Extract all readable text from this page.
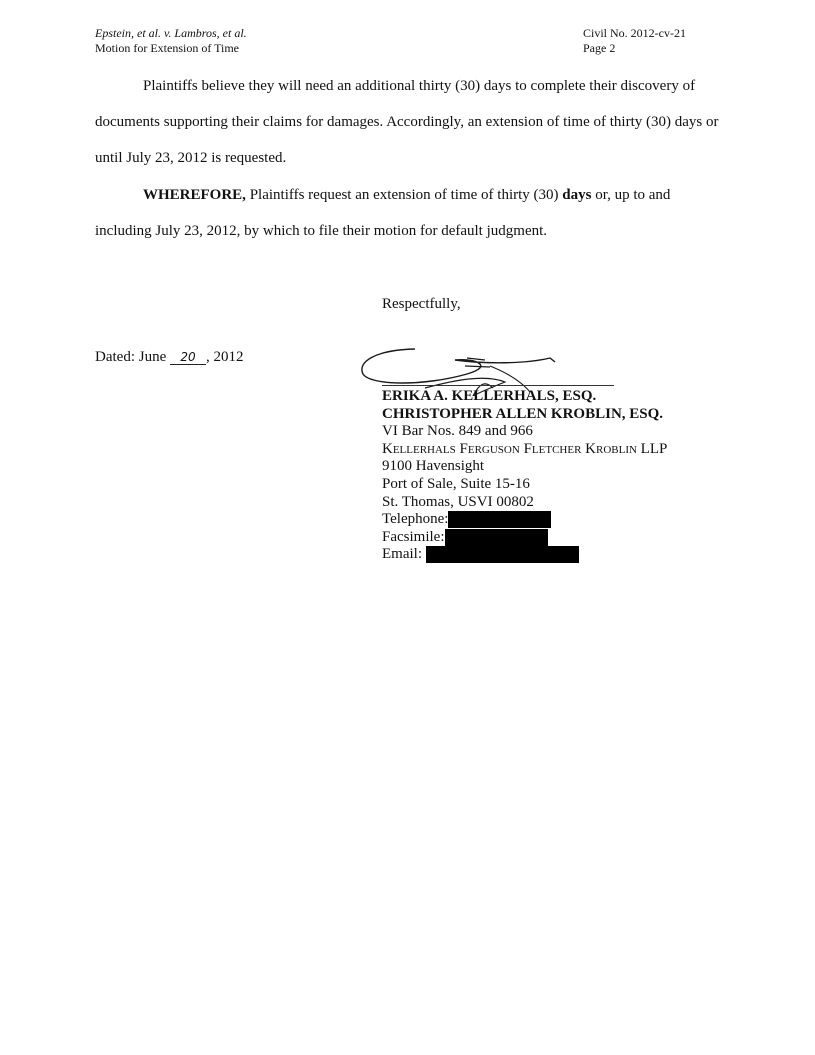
Epstein, et al. v. Lambros, et al.
Motion for Extension of Time
Civil No. 2012-cv-21
Page 2
Plaintiffs believe they will need an additional thirty (30) days to complete their discovery of documents supporting their claims for damages. Accordingly, an extension of time of thirty (30) days or until July 23, 2012 is requested.
WHEREFORE, Plaintiffs request an extension of time of thirty (30) days or, up to and including July 23, 2012, by which to file their motion for default judgment.
Respectfully,
Dated: June 20 , 2012
ERIKA A. KELLERHALS, ESQ.
CHRISTOPHER ALLEN KROBLIN, ESQ.
VI Bar Nos. 849 and 966
Kellerhals Ferguson Fletcher Kroblin LLP
9100 Havensight
Port of Sale, Suite 15-16
St. Thomas, USVI 00802
Telephone:
Facsimile:
Email:
